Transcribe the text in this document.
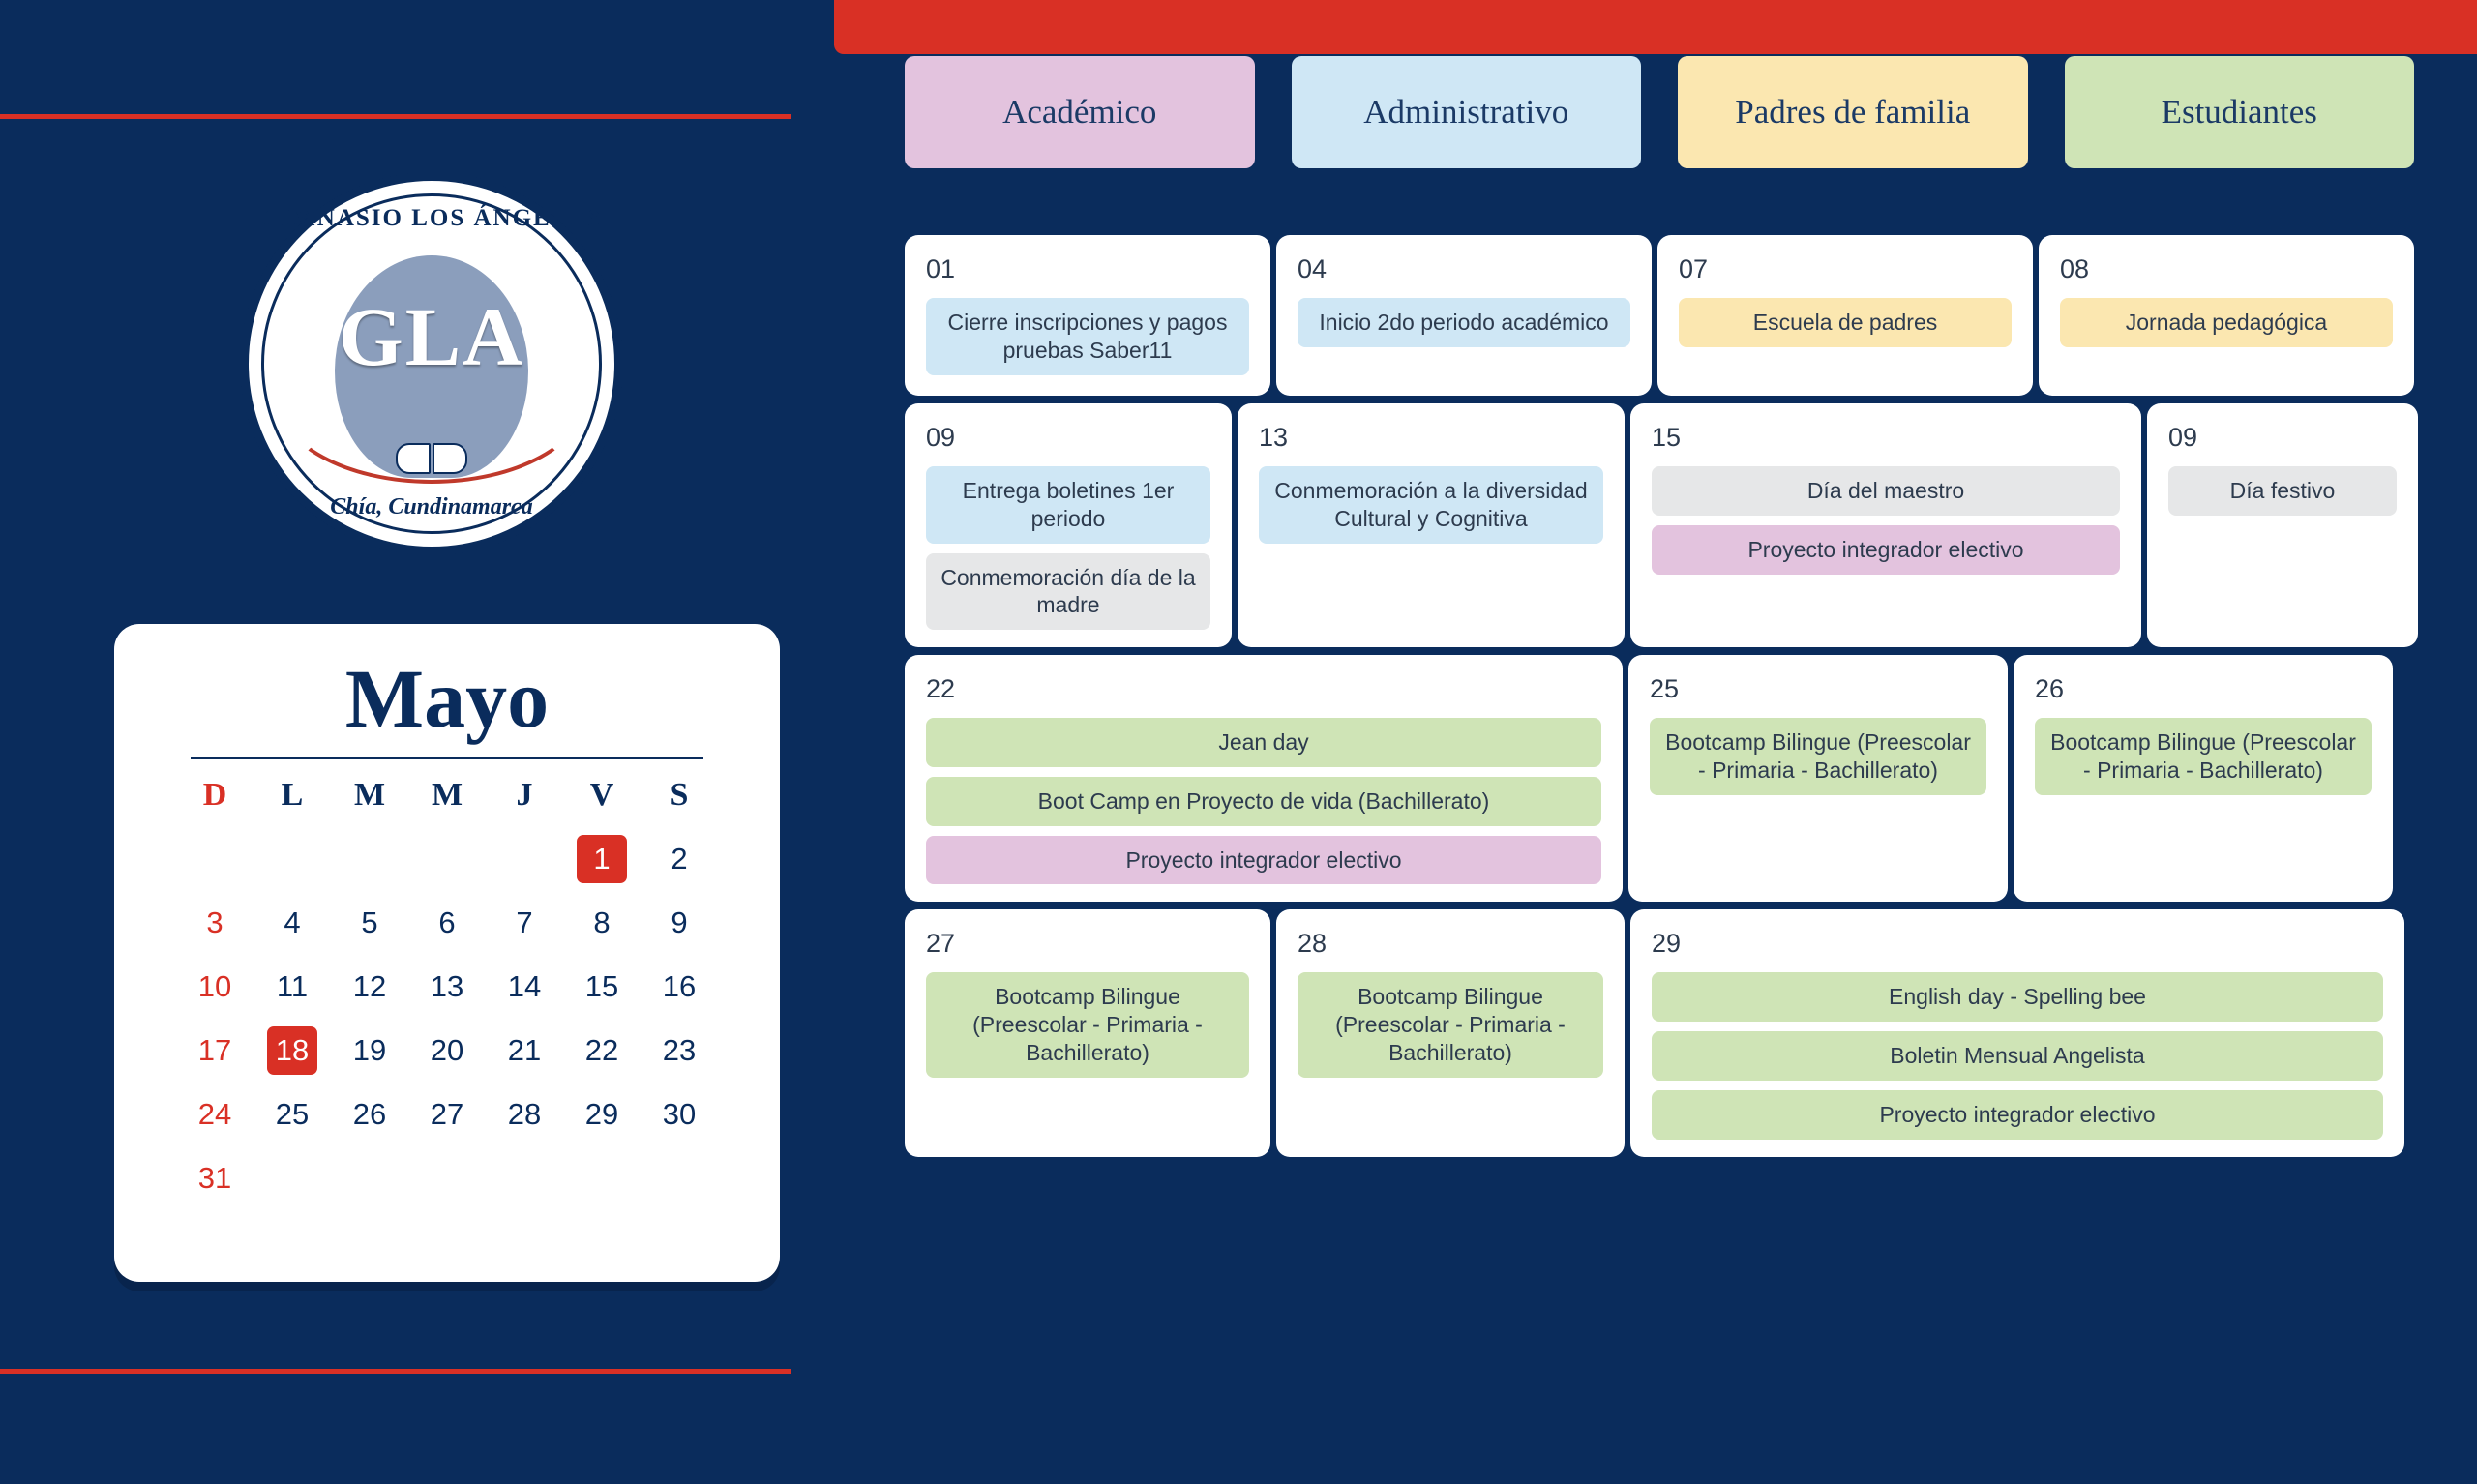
GIMNASIO LOS ÁNGELES
GLA
Chía, Cundinamarca
Mayo
D	L	M	M	J	V	S
					1	2
3	4	5	6	7	8	9
10	11	12	13	14	15	16
17	18	19	20	21	22	23
24	25	26	27	28	29	30
31						
Académico	Administrativo	Padres de familia	Estudiantes
01
Cierre inscripciones y pagos pruebas Saber11
04
Inicio 2do periodo académico
07
Escuela de padres
08
Jornada pedagógica
09
Entrega boletines 1er periodo
Conmemoración día de la madre
13
Conmemoración a la diversidad Cultural y Cognitiva
15
Día del maestro
Proyecto integrador electivo
09
Día festivo
22
Jean day
Boot Camp en Proyecto de vida (Bachillerato)
Proyecto integrador electivo
25
Bootcamp Bilingue (Preescolar - Primaria - Bachillerato)
26
Bootcamp Bilingue (Preescolar - Primaria - Bachillerato)
27
Bootcamp Bilingue (Preescolar - Primaria - Bachillerato)
28
Bootcamp Bilingue (Preescolar - Primaria - Bachillerato)
29
English day - Spelling bee
Boletin Mensual Angelista
Proyecto integrador electivo
